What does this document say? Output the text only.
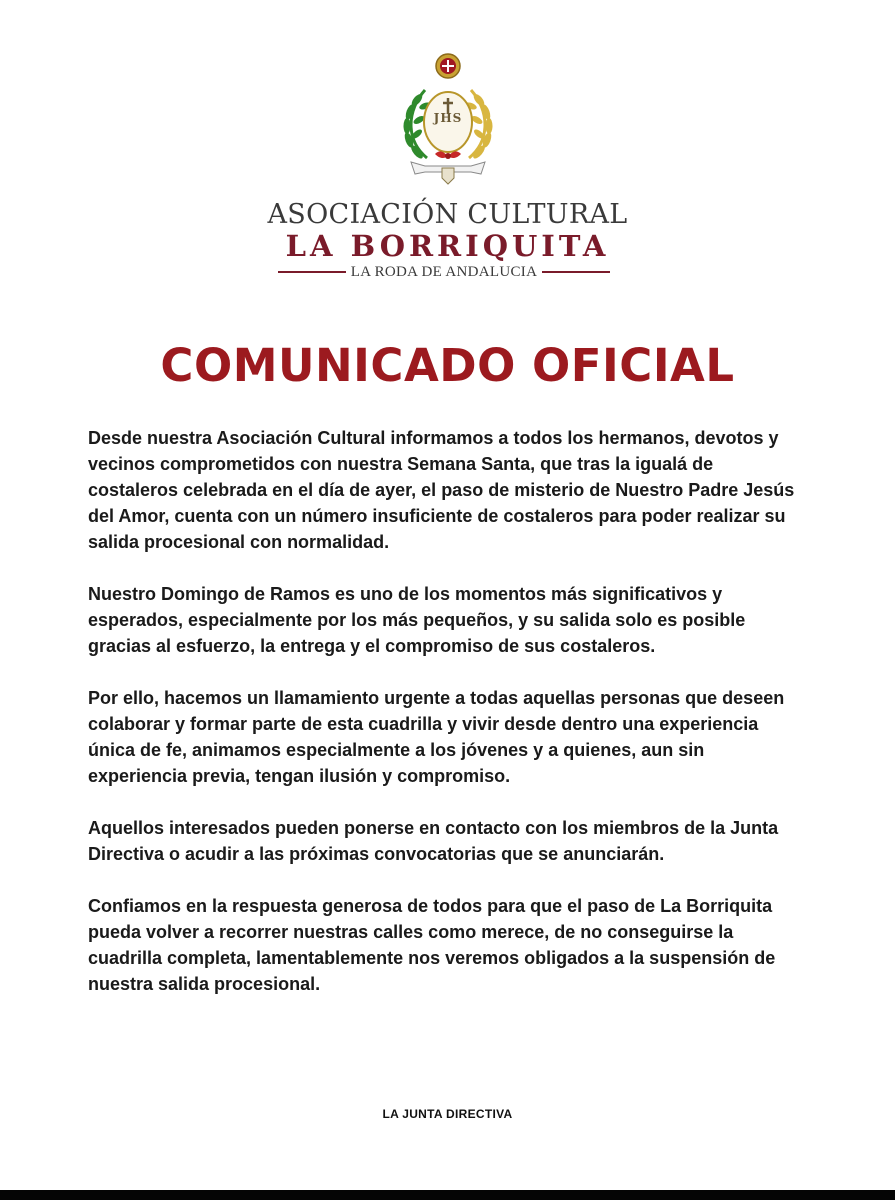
JHS

ASOCIACIÓN CULTURAL

LA BORRIQUITA

LA RODA DE ANDALUCIA
COMUNICADO OFICIAL

Desde nuestra Asociación Cultural informamos a todos los hermanos, devotos y vecinos comprometidos con nuestra Semana Santa, que tras la igualá de costaleros celebrada en el día de ayer, el paso de misterio de Nuestro Padre Jesús del Amor, cuenta con un número insuficiente de costaleros para poder realizar su salida procesional con normalidad.

Nuestro Domingo de Ramos es uno de los momentos más significativos y esperados, especialmente por los más pequeños, y su salida solo es posible gracias al esfuerzo, la entrega y el compromiso de sus costaleros.

Por ello, hacemos un llamamiento urgente a todas aquellas personas que deseen colaborar y formar parte de esta cuadrilla y vivir desde dentro una experiencia única de fe, animamos especialmente a los jóvenes y a quienes, aun sin experiencia previa, tengan ilusión y compromiso.

Aquellos interesados pueden ponerse en contacto con los miembros de la Junta Directiva o acudir a las próximas convocatorias que se anunciarán.

Confiamos en la respuesta generosa de todos para que el paso de La Borriquita pueda volver a recorrer nuestras calles como merece, de no conseguirse la cuadrilla completa, lamentablemente nos veremos obligados a la suspensión de nuestra salida procesional.

LA JUNTA DIRECTIVA
